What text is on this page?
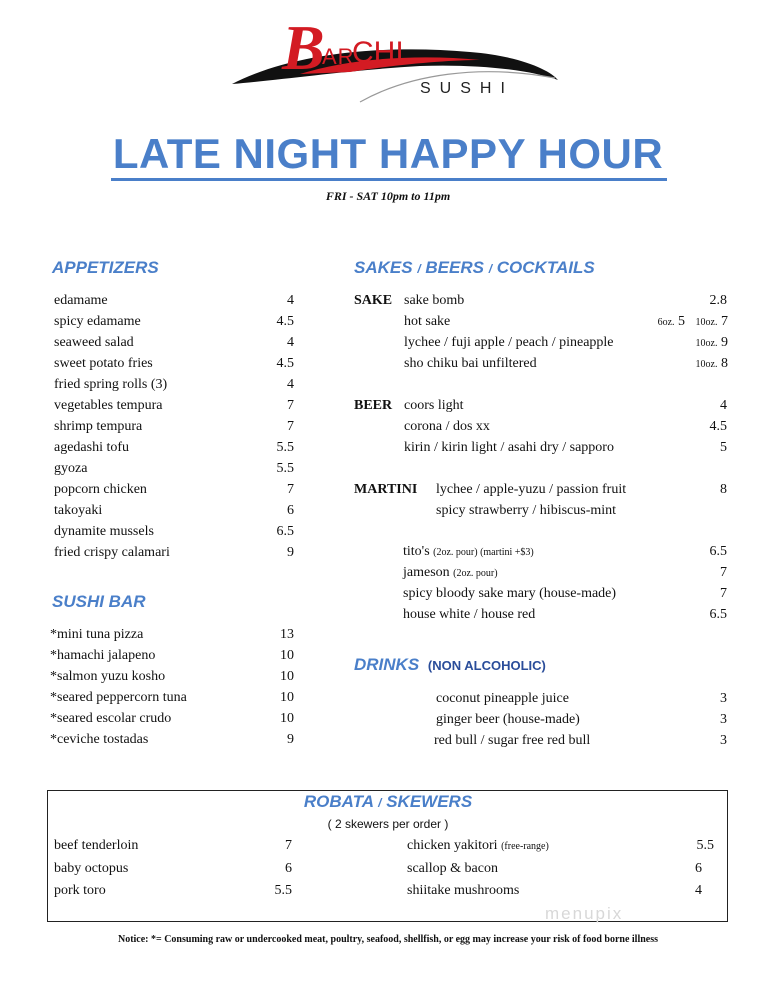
B
AR
CHI
SUSHI
LATE NIGHT HAPPY HOUR
FRI - SAT 10pm to 11pm
APPETIZERS
edamame	4
spicy edamame	4.5
seaweed salad	4
sweet potato fries	4.5
fried spring rolls (3)	4
vegetables tempura	7
shrimp tempura	7
agedashi tofu	5.5
gyoza	5.5
popcorn chicken	7
takoyaki	6
dynamite mussels	6.5
fried crispy calamari	9
SUSHI BAR
*mini tuna pizza	13
*hamachi jalapeno	10
*salmon yuzu kosho	10
*seared peppercorn tuna	10
*seared escolar crudo	10
*ceviche tostadas	9
SAKES / BEERS / COCKTAILS
SAKE sake bomb	2.8
hot sake	6oz. 5 10oz. 7
lychee / fuji apple / peach / pineapple	10oz. 9
sho chiku bai unfiltered	10oz. 8
BEER coors light	4
corona / dos xx	4.5
kirin / kirin light / asahi dry / sapporo	5
MARTINI lychee / apple-yuzu / passion fruit	8
spicy strawberry / hibiscus-mint
tito's (2oz. pour) (martini +$3)	6.5
jameson (2oz. pour)	7
spicy bloody sake mary (house-made)	7
house white / house red	6.5
DRINKS (NON ALCOHOLIC)
coconut pineapple juice	3
ginger beer (house-made)	3
red bull / sugar free red bull	3
ROBATA / SKEWERS
( 2 skewers per order )
beef tenderloin	7
baby octopus	6
pork toro	5.5
chicken yakitori (free-range)	5.5
scallop & bacon	6
shiitake mushrooms	4
menupix
Notice: *= Consuming raw or undercooked meat, poultry, seafood, shellfish, or egg may increase your risk of food borne illness
